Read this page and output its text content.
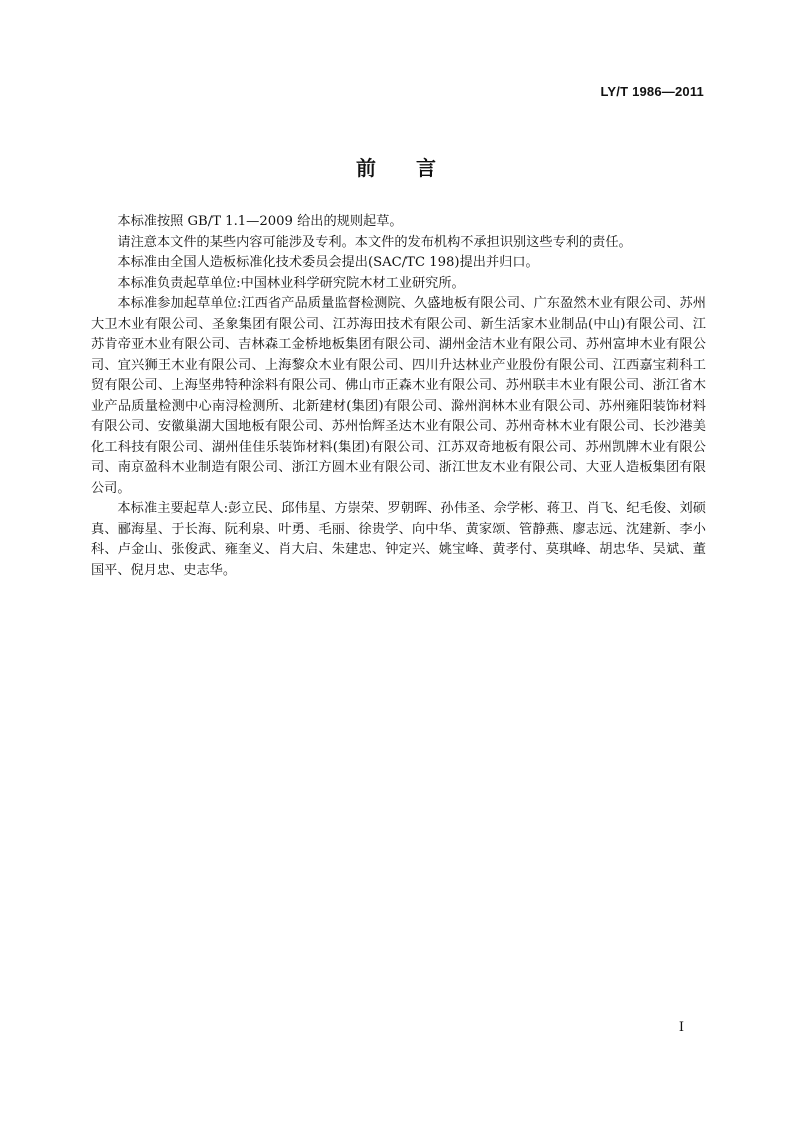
LY/T 1986—2011
前 言

本标准按照 GB/T 1.1—2009 给出的规则起草。

请注意本文件的某些内容可能涉及专利。本文件的发布机构不承担识别这些专利的责任。

本标准由全国人造板标准化技术委员会提出(SAC/TC 198)提出并归口。

本标准负责起草单位:中国林业科学研究院木材工业研究所。

本标准参加起草单位:江西省产品质量监督检测院、久盛地板有限公司、广东盈然木业有限公司、苏州大卫木业有限公司、圣象集团有限公司、江苏海田技术有限公司、新生活家木业制品(中山)有限公司、江苏肯帝亚木业有限公司、吉林森工金桥地板集团有限公司、湖州金洁木业有限公司、苏州富坤木业有限公司、宜兴狮王木业有限公司、上海黎众木业有限公司、四川升达林业产业股份有限公司、江西嘉宝莉科工贸有限公司、上海坚弗特种涂料有限公司、佛山市正森木业有限公司、苏州联丰木业有限公司、浙江省木业产品质量检测中心南浔检测所、北新建材(集团)有限公司、滁州润林木业有限公司、苏州雍阳装饰材料有限公司、安徽巢湖大国地板有限公司、苏州怡辉圣达木业有限公司、苏州奇林木业有限公司、长沙港美化工科技有限公司、湖州佳佳乐装饰材料(集团)有限公司、江苏双奇地板有限公司、苏州凯牌木业有限公司、南京盈科木业制造有限公司、浙江方圆木业有限公司、浙江世友木业有限公司、大亚人造板集团有限公司。

本标准主要起草人:彭立民、邱伟星、方崇荣、罗朝晖、孙伟圣、佘学彬、蒋卫、肖飞、纪毛俊、刘硕真、郦海星、于长海、阮利泉、叶勇、毛丽、徐贵学、向中华、黄家颂、管静燕、廖志远、沈建新、李小科、卢金山、张俊武、雍奎义、肖大启、朱建忠、钟定兴、姚宝峰、黄孝付、莫琪峰、胡忠华、吴斌、董国平、倪月忠、史志华。

I
